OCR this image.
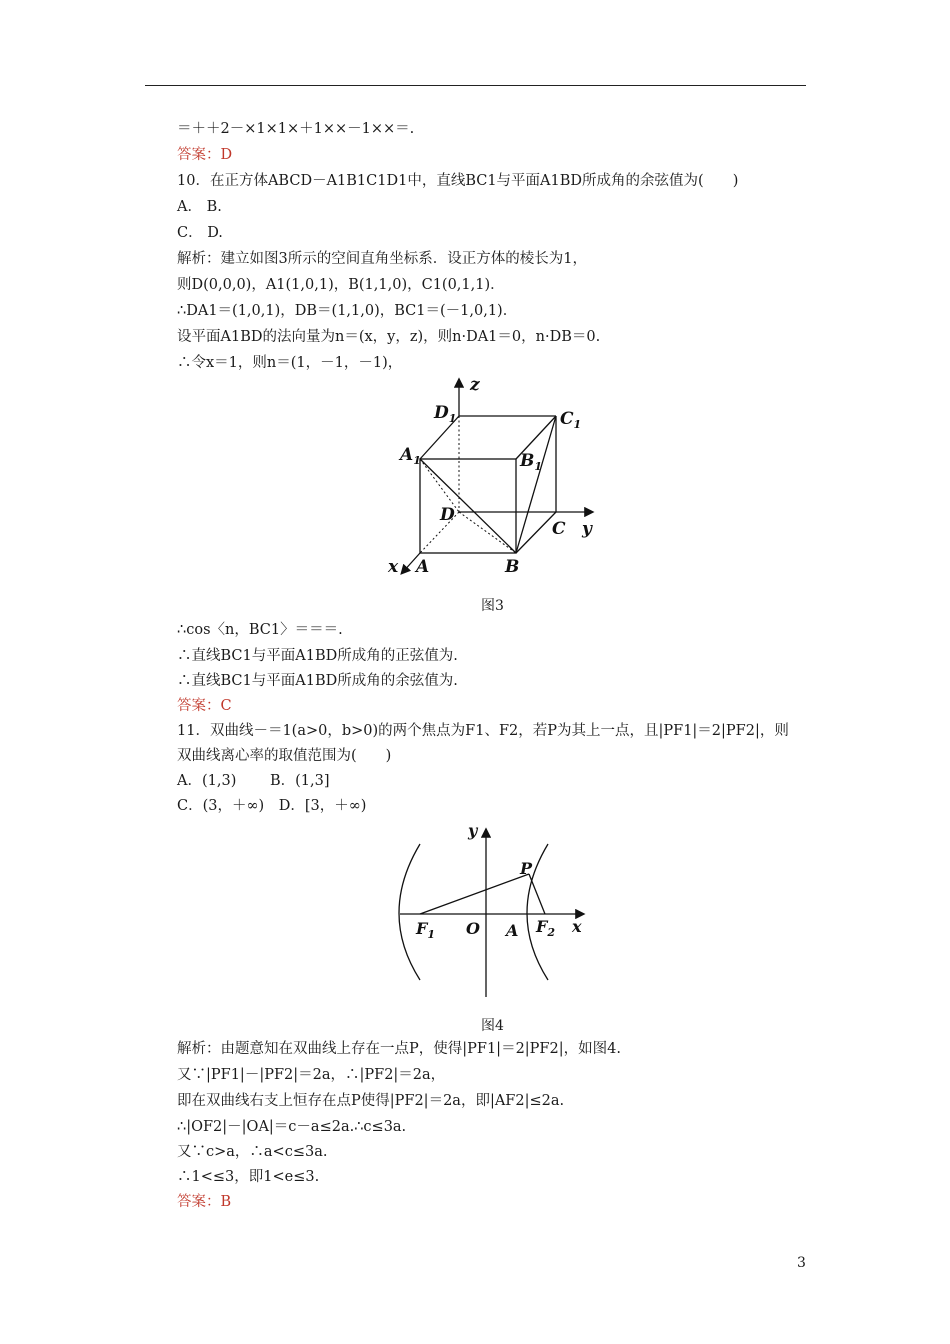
＝＋＋2－×1×1×＋1××－1××＝.
答案：D
10．在正方体ABCD－A1B1C1D1中，直线BC1与平面A1BD所成角的余弦值为(　　)
A． B.
C． D.
解析：建立如图3所示的空间直角坐标系．设正方体的棱长为1，
则D(0,0,0)，A1(1,0,1)，B(1,1,0)，C1(0,1,1)．
∴DA1＝(1,0,1)，DB＝(1,1,0)，BC1＝(－1,0,1)．
设平面A1BD的法向量为n＝(x，y，z)，则n·DA1＝0，n·DB＝0.
∴令x＝1，则n＝(1，－1，－1)，
z
$D_1$	$C_1$
$A_1$	$B_1$
D
C y
x A	B
图3
∴cos〈n，BC1〉＝＝＝.
∴直线BC1与平面A1BD所成角的正弦值为.
∴直线BC1与平面A1BD所成角的余弦值为.
答案：C
11．双曲线－＝1(a>0，b>0)的两个焦点为F1、F2，若P为其上一点，且|PF1|＝2|PF2|，则
双曲线离心率的取值范围为(　　)
A．(1,3)　　 B．(1,3]
C．(3，＋∞)　D．[3，＋∞)
y
P
$F_1$ O A $F_2$ x
图4
解析：由题意知在双曲线上存在一点P，使得|PF1|＝2|PF2|，如图4.
又∵|PF1|－|PF2|＝2a，∴|PF2|＝2a，
即在双曲线右支上恒存在点P使得|PF2|＝2a，即|AF2|≤2a.
∴|OF2|－|OA|＝c－a≤2a.∴c≤3a.
又∵c>a，∴a<c≤3a.
∴1<≤3，即1<e≤3.
答案：B
3
